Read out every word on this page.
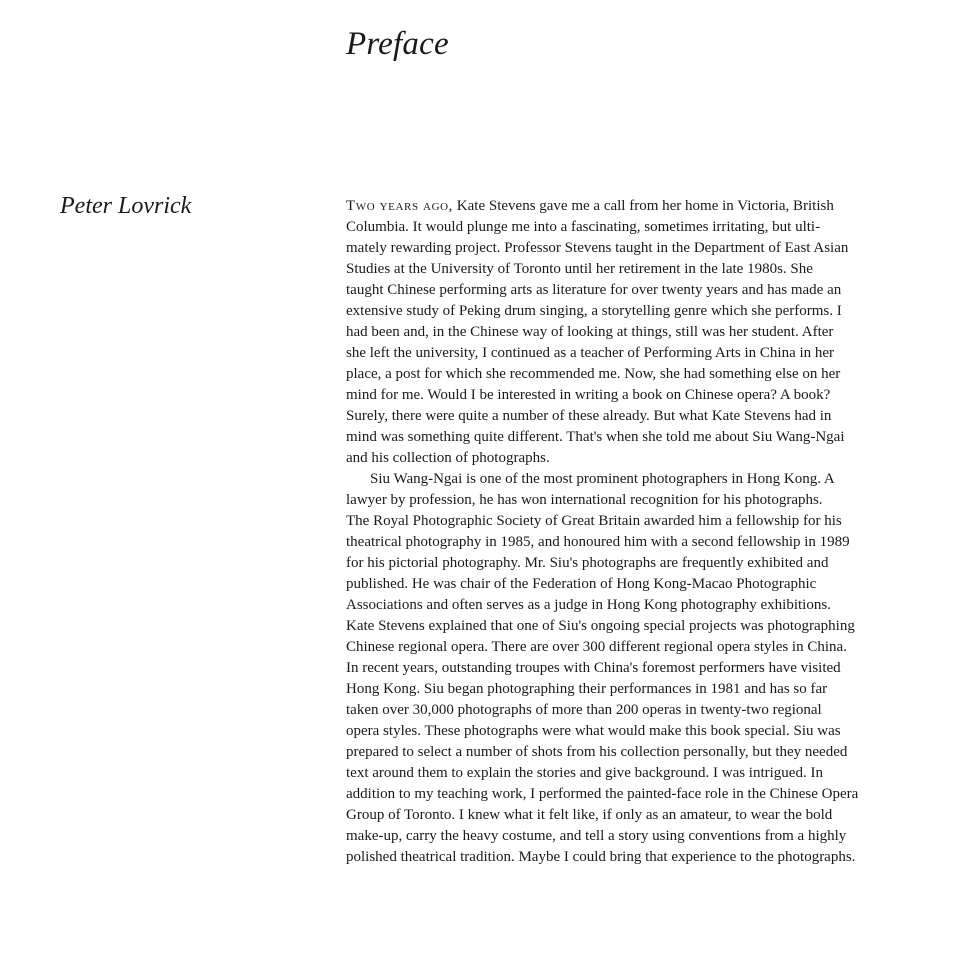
Preface
Peter Lovrick	Two years ago, Kate Stevens gave me a call from her home in Victoria, British
Columbia. It would plunge me into a fascinating, sometimes irritating, but ulti-
mately rewarding project. Professor Stevens taught in the Department of East Asian
Studies at the University of Toronto until her retirement in the late 1980s. She
taught Chinese performing arts as literature for over twenty years and has made an
extensive study of Peking drum singing, a storytelling genre which she performs. I
had been and, in the Chinese way of looking at things, still was her student. After
she left the university, I continued as a teacher of Performing Arts in China in her
place, a post for which she recommended me. Now, she had something else on her
mind for me. Would I be interested in writing a book on Chinese opera? A book?
Surely, there were quite a number of these already. But what Kate Stevens had in
mind was something quite different. That's when she told me about Siu Wang-Ngai
and his collection of photographs.
Siu Wang-Ngai is one of the most prominent photographers in Hong Kong. A
lawyer by profession, he has won international recognition for his photographs.
The Royal Photographic Society of Great Britain awarded him a fellowship for his
theatrical photography in 1985, and honoured him with a second fellowship in 1989
for his pictorial photography. Mr. Siu's photographs are frequently exhibited and
published. He was chair of the Federation of Hong Kong-Macao Photographic
Associations and often serves as a judge in Hong Kong photography exhibitions.
Kate Stevens explained that one of Siu's ongoing special projects was photographing
Chinese regional opera. There are over 300 different regional opera styles in China.
In recent years, outstanding troupes with China's foremost performers have visited
Hong Kong. Siu began photographing their performances in 1981 and has so far
taken over 30,000 photographs of more than 200 operas in twenty-two regional
opera styles. These photographs were what would make this book special. Siu was
prepared to select a number of shots from his collection personally, but they needed
text around them to explain the stories and give background. I was intrigued. In
addition to my teaching work, I performed the painted-face role in the Chinese Opera
Group of Toronto. I knew what it felt like, if only as an amateur, to wear the bold
make-up, carry the heavy costume, and tell a story using conventions from a highly
polished theatrical tradition. Maybe I could bring that experience to the photographs.
